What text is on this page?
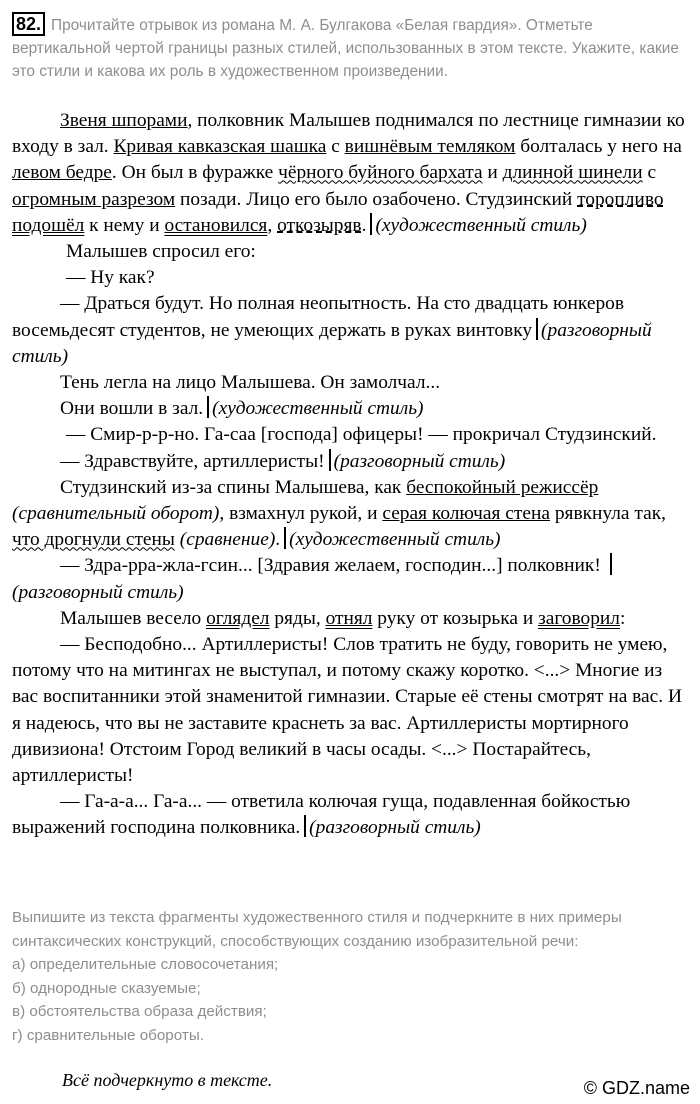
82. Прочитайте отрывок из романа М. А. Булгакова «Белая гвардия». Отметьте вертикальной чертой границы разных стилей, использованных в этом тексте. Укажите, какие это стили и какова их роль в художественном произведении.

Звеня шпорами, полковник Малышев поднимался по лестнице гимназии ко входу в зал. Кривая кавказская шашка с вишнёвым темляком болталась у него на левом бедре. Он был в фуражке чёрного буйного бархата и длинной шинели с огромным разрезом позади. Лицо его было озабочено. Студзинский торопливо подошёл к нему и остановился, откозыряв. (художественный стиль)

Малышев спросил его:

— Ну как?

— Драться будут. Но полная неопытность. На сто двадцать юнкеров восемьдесят студентов, не умеющих держать в руках винтовку (разговорный стиль)

Тень легла на лицо Малышева. Он замолчал...

Они вошли в зал. (художественный стиль)

— Смир-р-р-но. Га-саа [господа] офицеры! — прокричал Студзинский.

— Здравствуйте, артиллеристы! (разговорный стиль)

Студзинский из-за спины Малышева, как беспокойный режиссёр (сравнительный оборот), взмахнул рукой, и серая колючая стена рявкнула так, что дрогнули стены (сравнение). (художественный стиль)

— Здра-рра-жла-гсин... [Здравия желаем, господин...] полковник! (разговорный стиль)

Малышев весело оглядел ряды, отнял руку от козырька и заговорил:

— Бесподобно... Артиллеристы! Слов тратить не буду, говорить не умею, потому что на митингах не выступал, и потому скажу коротко. <...> Многие из вас воспитанники этой знаменитой гимназии. Старые её стены смотрят на вас. И я надеюсь, что вы не заставите краснеть за вас. Артиллеристы мортирного дивизиона! Отстоим Город великий в часы осады. <...> Постарайтесь, артиллеристы!

— Га-а-а... Га-а... — ответила колючая гуща, подавленная бойкостью выражений господина полковника. (разговорный стиль)

Выпишите из текста фрагменты художественного стиля и подчеркните в них примеры синтаксических конструкций, способствующих созданию изобразительной речи:

а) определительные словосочетания;

б) однородные сказуемые;

в) обстоятельства образа действия;

г) сравнительные обороты.

Всё подчеркнуто в тексте.	© GDZ.name
